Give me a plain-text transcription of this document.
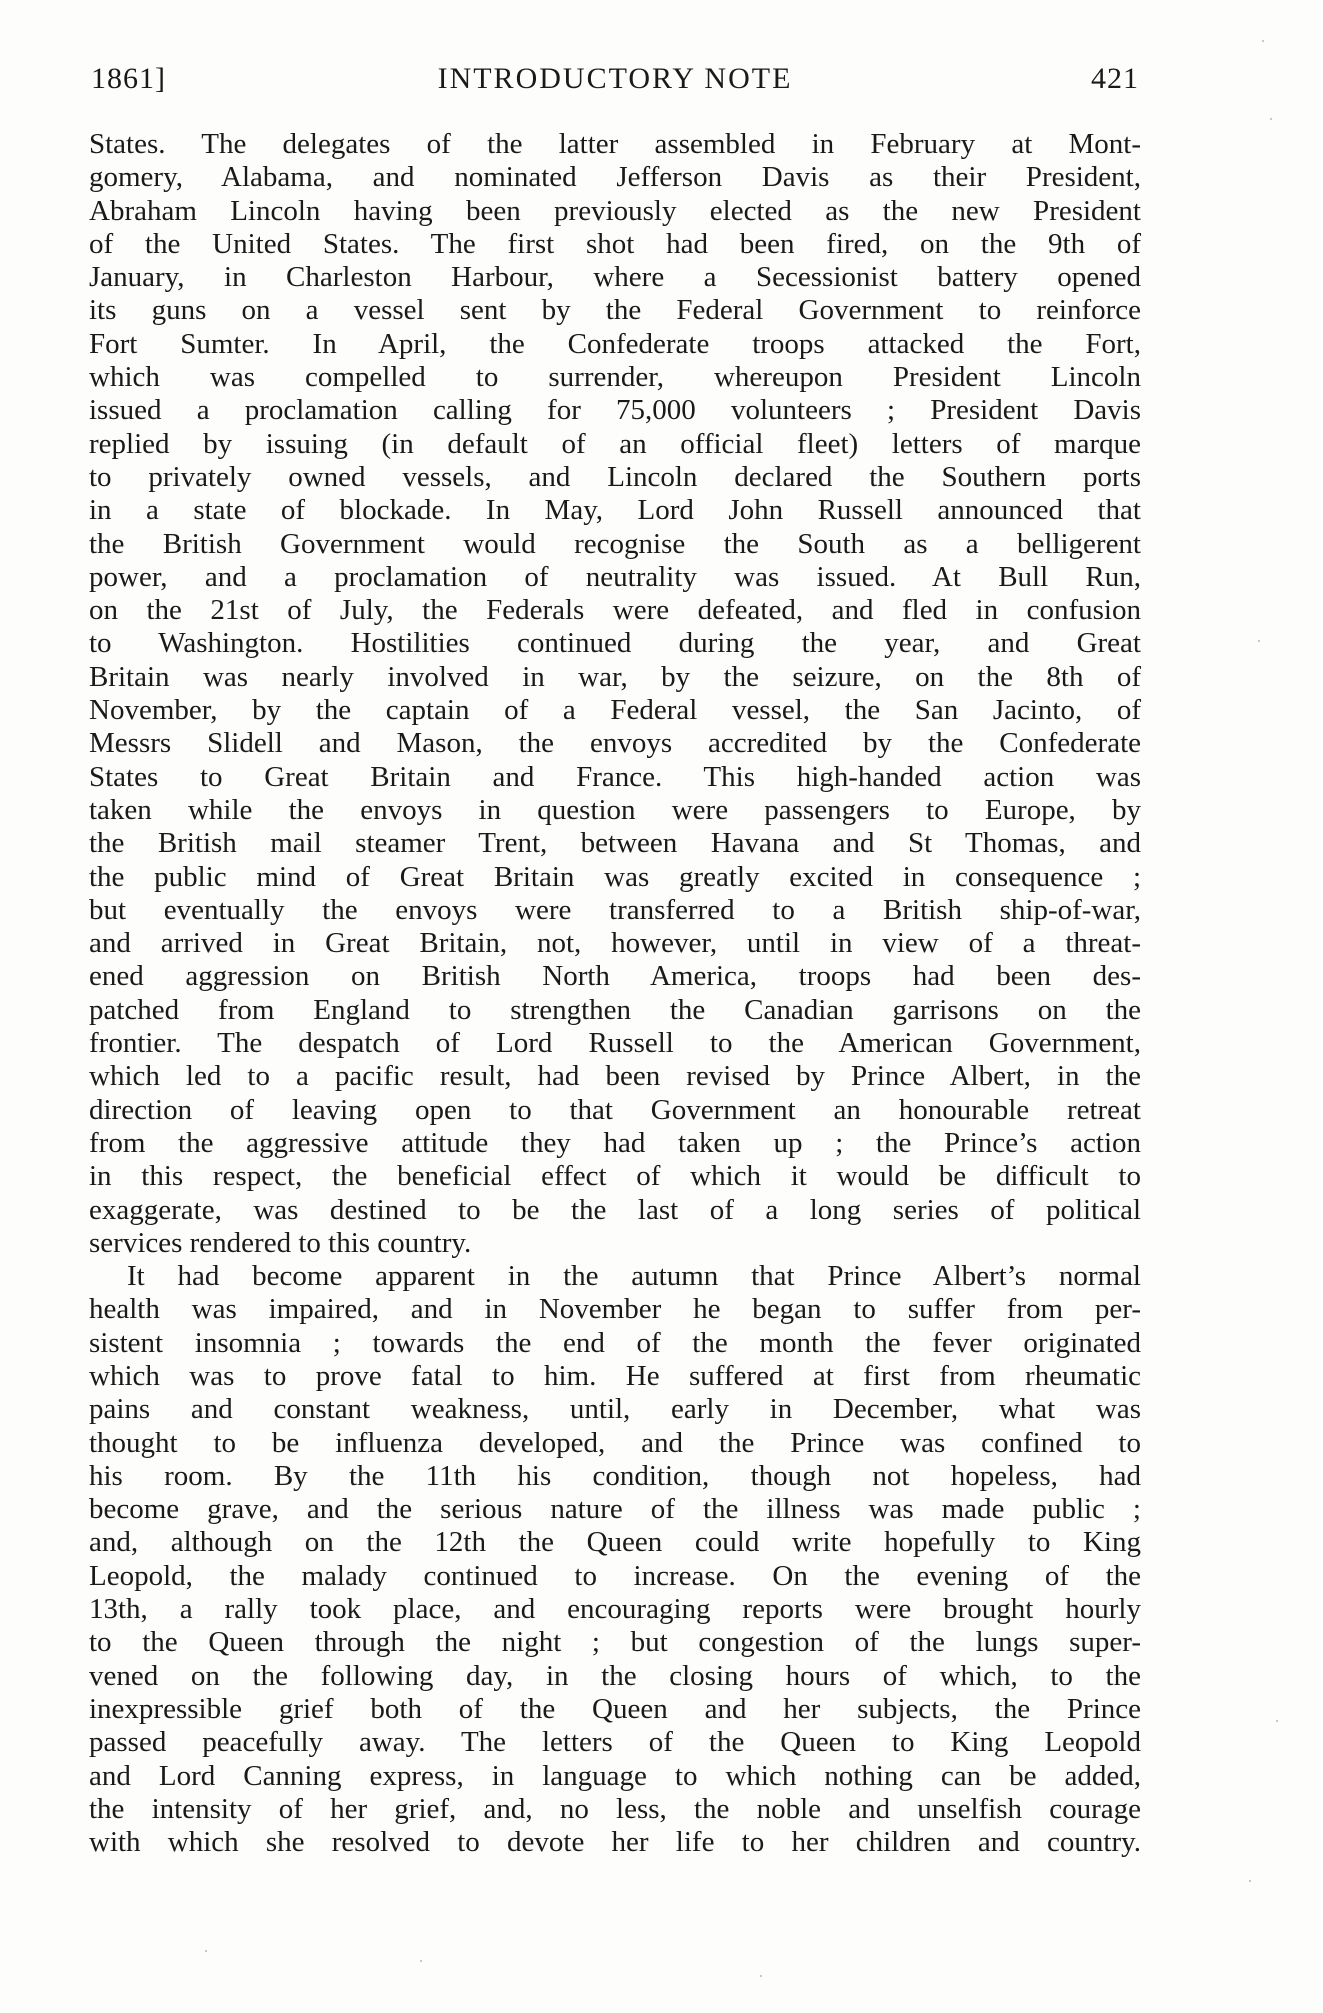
1861]	INTRODUCTORY NOTE	421
States. The delegates of the latter assembled in February at Mont-
gomery, Alabama, and nominated Jefferson Davis as their President,
Abraham Lincoln having been previously elected as the new President
of the United States. The first shot had been fired, on the 9th of
January, in Charleston Harbour, where a Secessionist battery opened
its guns on a vessel sent by the Federal Government to reinforce
Fort Sumter. In April, the Confederate troops attacked the Fort,
which was compelled to surrender, whereupon President Lincoln
issued a proclamation calling for 75,000 volunteers ; President Davis
replied by issuing (in default of an official fleet) letters of marque
to privately owned vessels, and Lincoln declared the Southern ports
in a state of blockade. In May, Lord John Russell announced that
the British Government would recognise the South as a belligerent
power, and a proclamation of neutrality was issued. At Bull Run,
on the 21st of July, the Federals were defeated, and fled in confusion
to Washington. Hostilities continued during the year, and Great
Britain was nearly involved in war, by the seizure, on the 8th of
November, by the captain of a Federal vessel, the San Jacinto, of
Messrs Slidell and Mason, the envoys accredited by the Confederate
States to Great Britain and France. This high-handed action was
taken while the envoys in question were passengers to Europe, by
the British mail steamer Trent, between Havana and St Thomas, and
the public mind of Great Britain was greatly excited in consequence ;
but eventually the envoys were transferred to a British ship-of-war,
and arrived in Great Britain, not, however, until in view of a threat-
ened aggression on British North America, troops had been des-
patched from England to strengthen the Canadian garrisons on the
frontier. The despatch of Lord Russell to the American Government,
which led to a pacific result, had been revised by Prince Albert, in the
direction of leaving open to that Government an honourable retreat
from the aggressive attitude they had taken up ; the Prince’s action
in this respect, the beneficial effect of which it would be difficult to
exaggerate, was destined to be the last of a long series of political
services rendered to this country.
It had become apparent in the autumn that Prince Albert’s normal
health was impaired, and in November he began to suffer from per-
sistent insomnia ; towards the end of the month the fever originated
which was to prove fatal to him. He suffered at first from rheumatic
pains and constant weakness, until, early in December, what was
thought to be influenza developed, and the Prince was confined to
his room. By the 11th his condition, though not hopeless, had
become grave, and the serious nature of the illness was made public ;
and, although on the 12th the Queen could write hopefully to King
Leopold, the malady continued to increase. On the evening of the
13th, a rally took place, and encouraging reports were brought hourly
to the Queen through the night ; but congestion of the lungs super-
vened on the following day, in the closing hours of which, to the
inexpressible grief both of the Queen and her subjects, the Prince
passed peacefully away. The letters of the Queen to King Leopold
and Lord Canning express, in language to which nothing can be added,
the intensity of her grief, and, no less, the noble and unselfish courage
with which she resolved to devote her life to her children and country.
